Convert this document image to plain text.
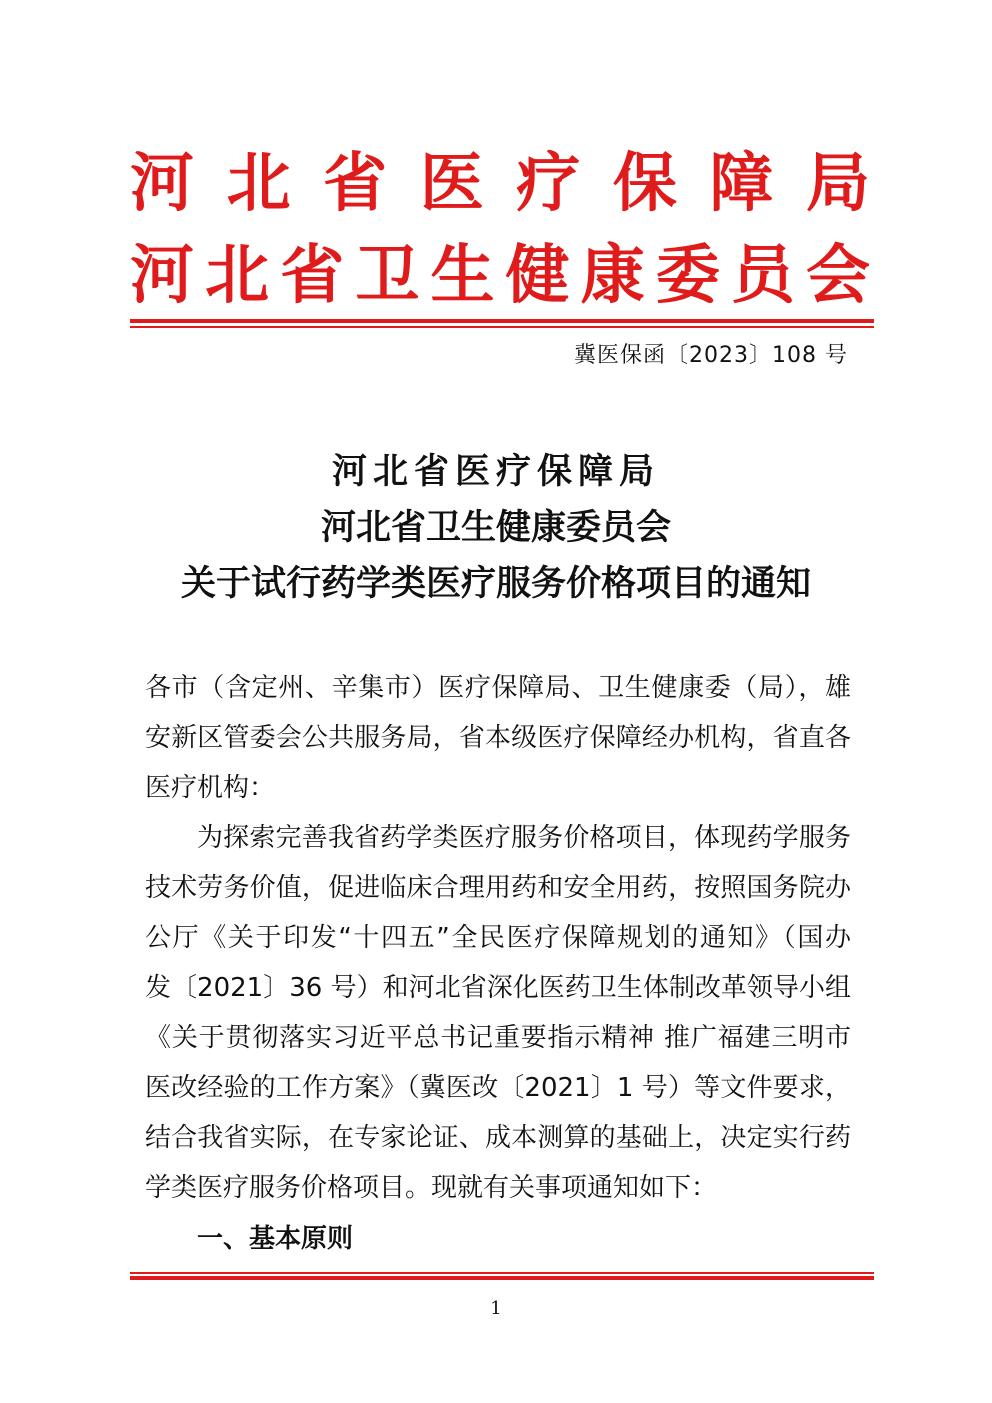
河 北 省 医 疗 保 障 局
河 北 省 卫 生 健 康 委 员 会
冀医保函〔2023〕108 号
河北省医疗保障局
河北省卫生健康委员会
关于试行药学类医疗服务价格项目的通知
各市（含定州、辛集市）医疗保障局、卫生健康委（局），雄
安新区管委会公共服务局，省本级医疗保障经办机构，省直各
医疗机构：
为探索完善我省药学类医疗服务价格项目，体现药学服务
技术劳务价值，促进临床合理用药和安全用药，按照国务院办
公厅《关于印发“十四五”全民医疗保障规划的通知》（国办
发〔2021〕36 号）和河北省深化医药卫生体制改革领导小组
《关于贯彻落实习近平总书记重要指示精神 推广福建三明市
医改经验的工作方案》（冀医改〔2021〕1 号）等文件要求，
结合我省实际，在专家论证、成本测算的基础上，决定实行药
学类医疗服务价格项目。现就有关事项通知如下：
一、基本原则
1
